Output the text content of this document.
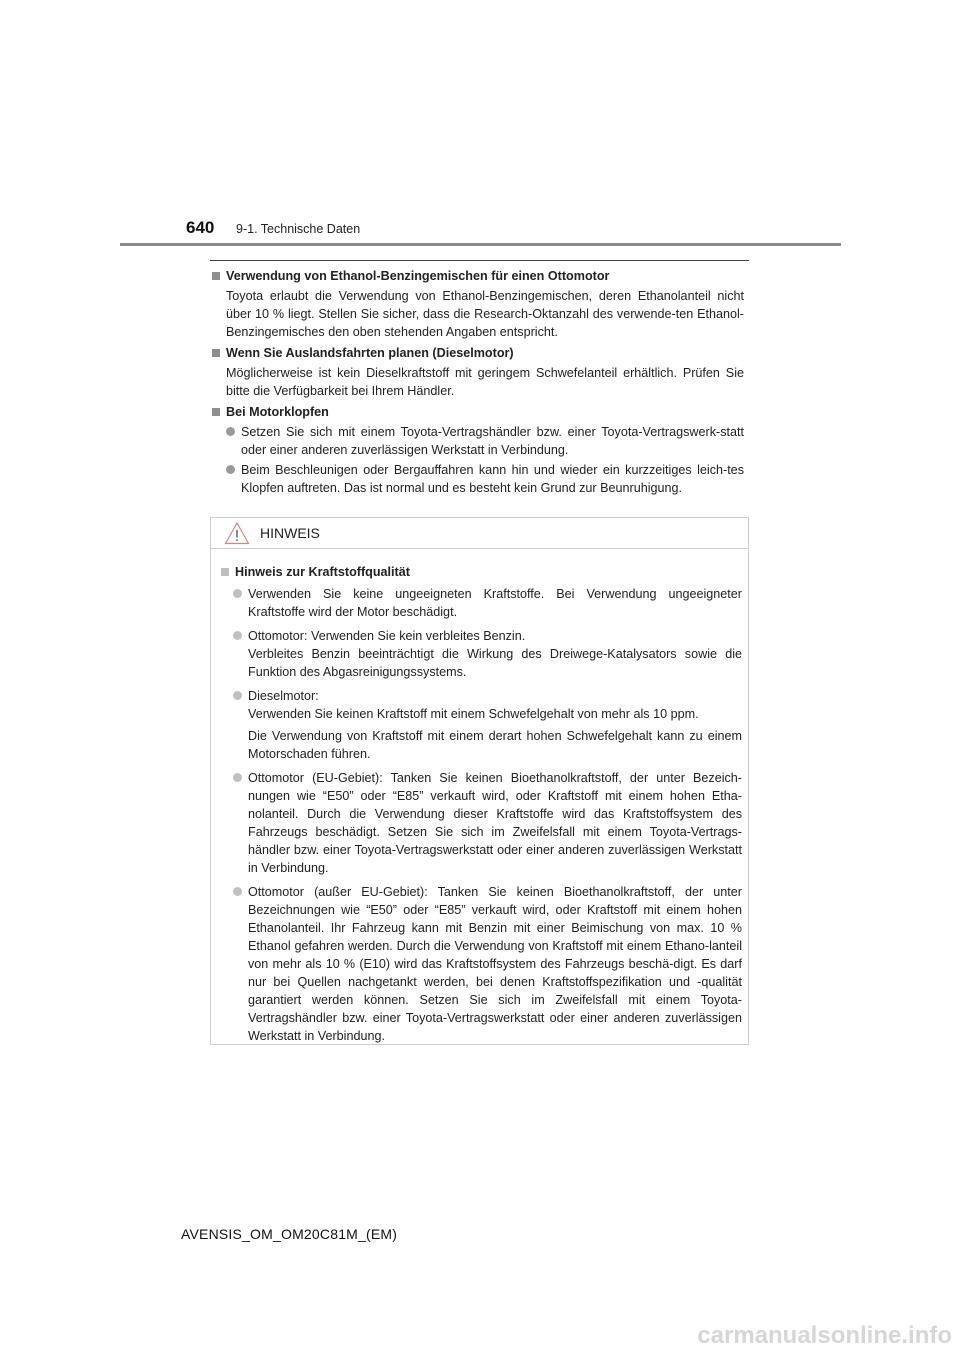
640 9-1. Technische Daten
Verwendung von Ethanol-Benzingemischen für einen Ottomotor
Toyota erlaubt die Verwendung von Ethanol-Benzingemischen, deren Ethanolanteil nicht über 10 % liegt. Stellen Sie sicher, dass die Research-Oktanzahl des verwende-ten Ethanol-Benzingemisches den oben stehenden Angaben entspricht.
Wenn Sie Auslandsfahrten planen (Dieselmotor)
Möglicherweise ist kein Dieselkraftstoff mit geringem Schwefelanteil erhältlich. Prüfen Sie bitte die Verfügbarkeit bei Ihrem Händler.
Bei Motorklopfen
Setzen Sie sich mit einem Toyota-Vertragshändler bzw. einer Toyota-Vertragswerk-statt oder einer anderen zuverlässigen Werkstatt in Verbindung.
Beim Beschleunigen oder Bergauffahren kann hin und wieder ein kurzzeitiges leich-tes Klopfen auftreten. Das ist normal und es besteht kein Grund zur Beunruhigung.
HINWEIS
Hinweis zur Kraftstoffqualität
Verwenden Sie keine ungeeigneten Kraftstoffe. Bei Verwendung ungeeigneter Kraftstoffe wird der Motor beschädigt.
Ottomotor: Verwenden Sie kein verbleites Benzin.
Verbleites Benzin beeinträchtigt die Wirkung des Dreiwege-Katalysators sowie die Funktion des Abgasreinigungssystems.
Dieselmotor:
Verwenden Sie keinen Kraftstoff mit einem Schwefelgehalt von mehr als 10 ppm.
Die Verwendung von Kraftstoff mit einem derart hohen Schwefelgehalt kann zu einem Motorschaden führen.
Ottomotor (EU-Gebiet): Tanken Sie keinen Bioethanolkraftstoff, der unter Bezeich-nungen wie “E50” oder “E85” verkauft wird, oder Kraftstoff mit einem hohen Etha-nolanteil. Durch die Verwendung dieser Kraftstoffe wird das Kraftstoffsystem des Fahrzeugs beschädigt. Setzen Sie sich im Zweifelsfall mit einem Toyota-Vertrags-händler bzw. einer Toyota-Vertragswerkstatt oder einer anderen zuverlässigen Werkstatt in Verbindung.
Ottomotor (außer EU-Gebiet): Tanken Sie keinen Bioethanolkraftstoff, der unter Bezeichnungen wie “E50” oder “E85” verkauft wird, oder Kraftstoff mit einem hohen Ethanolanteil. Ihr Fahrzeug kann mit Benzin mit einer Beimischung von max. 10 % Ethanol gefahren werden. Durch die Verwendung von Kraftstoff mit einem Ethano-lanteil von mehr als 10 % (E10) wird das Kraftstoffsystem des Fahrzeugs beschä-digt. Es darf nur bei Quellen nachgetankt werden, bei denen Kraftstoffspezifikation und -qualität garantiert werden können. Setzen Sie sich im Zweifelsfall mit einem Toyota-Vertragshändler bzw. einer Toyota-Vertragswerkstatt oder einer anderen zuverlässigen Werkstatt in Verbindung.
AVENSIS_OM_OM20C81M_(EM)
carmanualsonline.info
